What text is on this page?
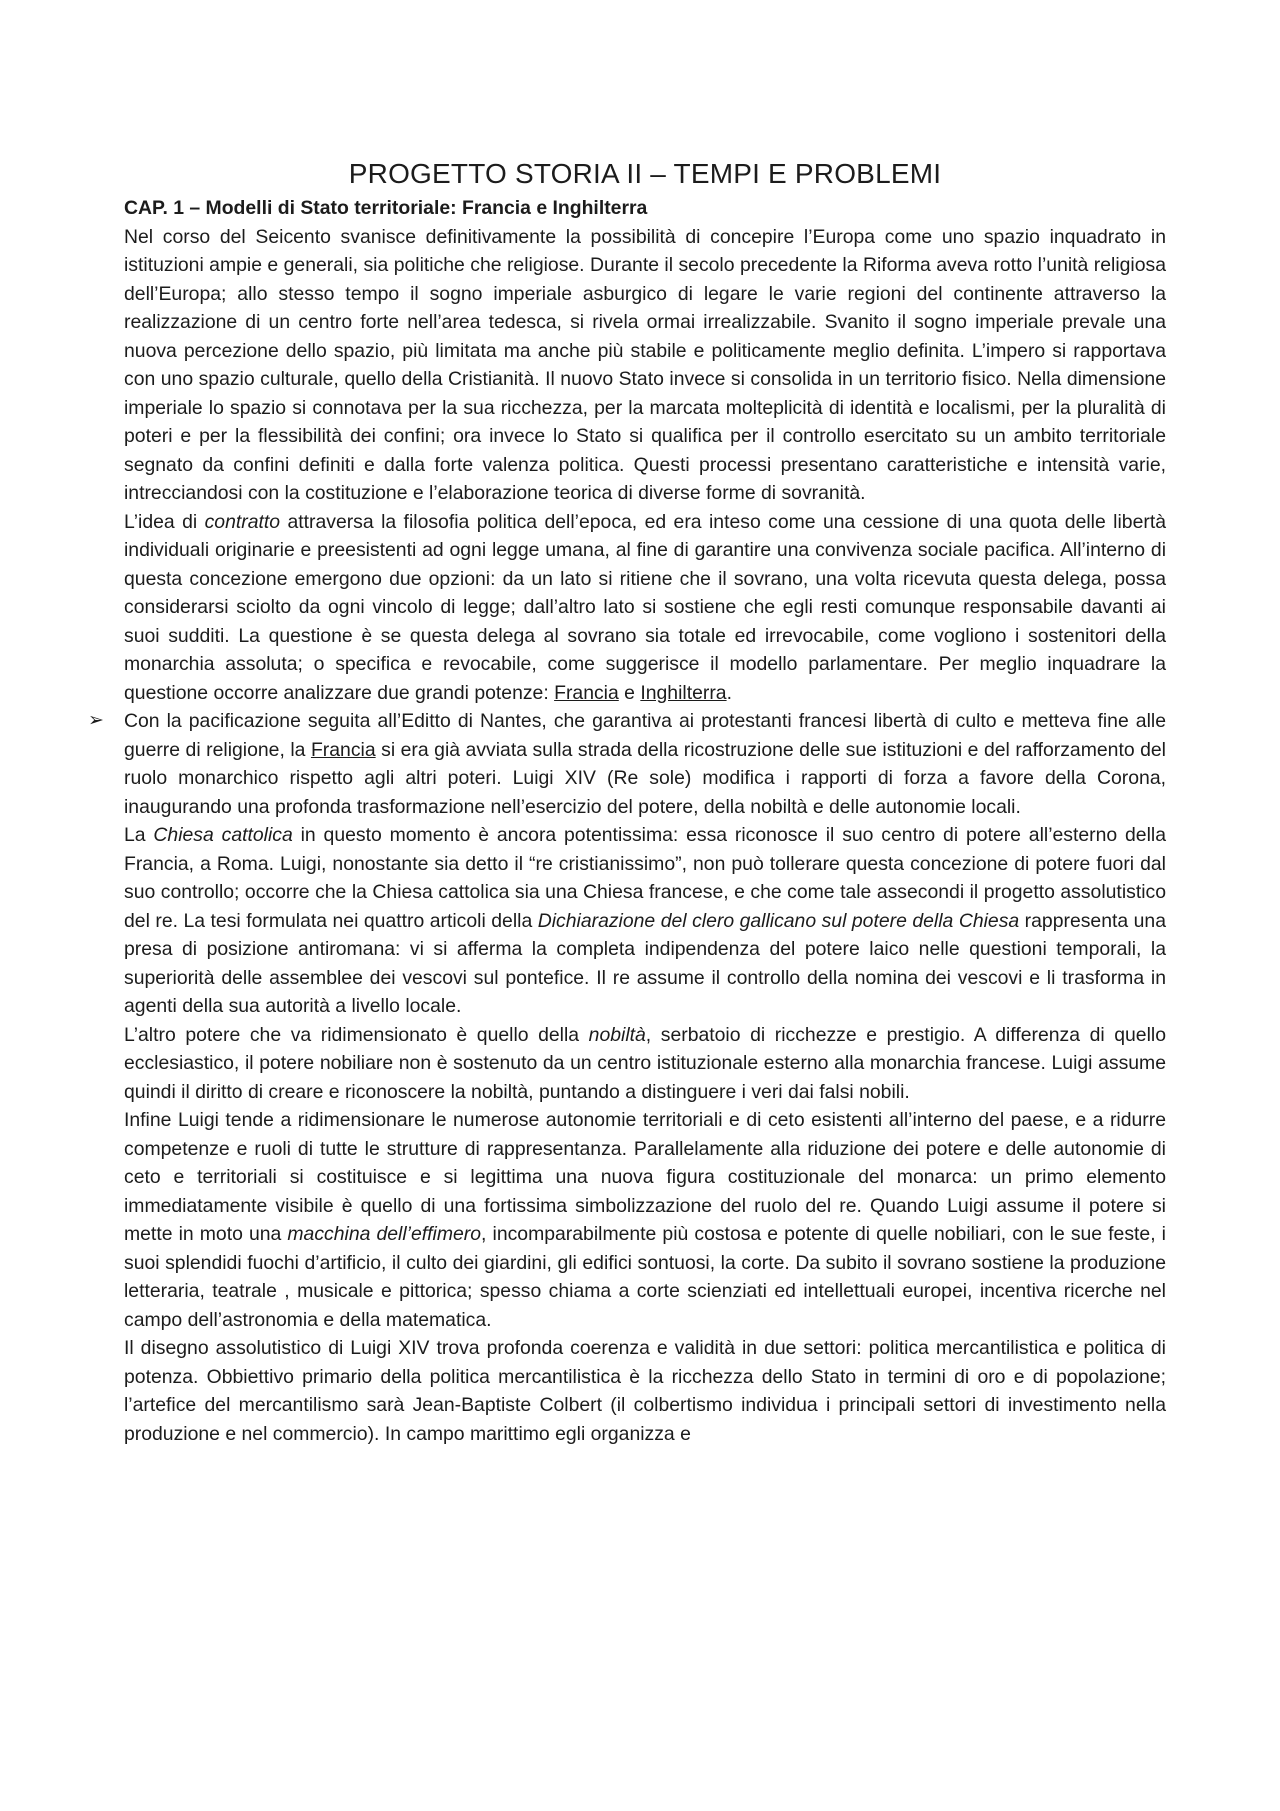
PROGETTO STORIA II – TEMPI E PROBLEMI

CAP. 1 – Modelli di Stato territoriale: Francia e Inghilterra

Nel corso del Seicento svanisce definitivamente la possibilità di concepire l’Europa come uno spazio inquadrato in istituzioni ampie e generali, sia politiche che religiose. Durante il secolo precedente la Riforma aveva rotto l’unità religiosa dell’Europa; allo stesso tempo il sogno imperiale asburgico di legare le varie regioni del continente attraverso la realizzazione di un centro forte nell’area tedesca, si rivela ormai irrealizzabile. Svanito il sogno imperiale prevale una nuova percezione dello spazio, più limitata ma anche più stabile e politicamente meglio definita. L’impero si rapportava con uno spazio culturale, quello della Cristianità. Il nuovo Stato invece si consolida in un territorio fisico. Nella dimensione imperiale lo spazio si connotava per la sua ricchezza, per la marcata molteplicità di identità e localismi, per la pluralità di poteri e per la flessibilità dei confini; ora invece lo Stato si qualifica per il controllo esercitato su un ambito territoriale segnato da confini definiti e dalla forte valenza politica. Questi processi presentano caratteristiche e intensità varie, intrecciandosi con la costituzione e l’elaborazione teorica di diverse forme di sovranità.

L’idea di contratto attraversa la filosofia politica dell’epoca, ed era inteso come una cessione di una quota delle libertà individuali originarie e preesistenti ad ogni legge umana, al fine di garantire una convivenza sociale pacifica. All’interno di questa concezione emergono due opzioni: da un lato si ritiene che il sovrano, una volta ricevuta questa delega, possa considerarsi sciolto da ogni vincolo di legge; dall’altro lato si sostiene che egli resti comunque responsabile davanti ai suoi sudditi. La questione è se questa delega al sovrano sia totale ed irrevocabile, come vogliono i sostenitori della monarchia assoluta; o specifica e revocabile, come suggerisce il modello parlamentare. Per meglio inquadrare la questione occorre analizzare due grandi potenze: Francia e Inghilterra.

➢ Con la pacificazione seguita all’Editto di Nantes, che garantiva ai protestanti francesi libertà di culto e metteva fine alle guerre di religione, la Francia si era già avviata sulla strada della ricostruzione delle sue istituzioni e del rafforzamento del ruolo monarchico rispetto agli altri poteri. Luigi XIV (Re sole) modifica i rapporti di forza a favore della Corona, inaugurando una profonda trasformazione nell’esercizio del potere, della nobiltà e delle autonomie locali.

La Chiesa cattolica in questo momento è ancora potentissima: essa riconosce il suo centro di potere all’esterno della Francia, a Roma. Luigi, nonostante sia detto il “re cristianissimo”, non può tollerare questa concezione di potere fuori dal suo controllo; occorre che la Chiesa cattolica sia una Chiesa francese, e che come tale assecondi il progetto assolutistico del re. La tesi formulata nei quattro articoli della Dichiarazione del clero gallicano sul potere della Chiesa rappresenta una presa di posizione antiromana: vi si afferma la completa indipendenza del potere laico nelle questioni temporali, la superiorità delle assemblee dei vescovi sul pontefice. Il re assume il controllo della nomina dei vescovi e li trasforma in agenti della sua autorità a livello locale.

L’altro potere che va ridimensionato è quello della nobiltà, serbatoio di ricchezze e prestigio. A differenza di quello ecclesiastico, il potere nobiliare non è sostenuto da un centro istituzionale esterno alla monarchia francese. Luigi assume quindi il diritto di creare e riconoscere la nobiltà, puntando a distinguere i veri dai falsi nobili.

Infine Luigi tende a ridimensionare le numerose autonomie territoriali e di ceto esistenti all’interno del paese, e a ridurre competenze e ruoli di tutte le strutture di rappresentanza. Parallelamente alla riduzione dei potere e delle autonomie di ceto e territoriali si costituisce e si legittima una nuova figura costituzionale del monarca: un primo elemento immediatamente visibile è quello di una fortissima simbolizzazione del ruolo del re. Quando Luigi assume il potere si mette in moto una macchina dell’effimero, incomparabilmente più costosa e potente di quelle nobiliari, con le sue feste, i suoi splendidi fuochi d’artificio, il culto dei giardini, gli edifici sontuosi, la corte. Da subito il sovrano sostiene la produzione letteraria, teatrale , musicale e pittorica; spesso chiama a corte scienziati ed intellettuali europei, incentiva ricerche nel campo dell’astronomia e della matematica.

Il disegno assolutistico di Luigi XIV trova profonda coerenza e validità in due settori: politica mercantilistica e politica di potenza. Obbiettivo primario della politica mercantilistica è la ricchezza dello Stato in termini di oro e di popolazione; l’artefice del mercantilismo sarà Jean-Baptiste Colbert (il colbertismo individua i principali settori di investimento nella produzione e nel commercio). In campo marittimo egli organizza e
